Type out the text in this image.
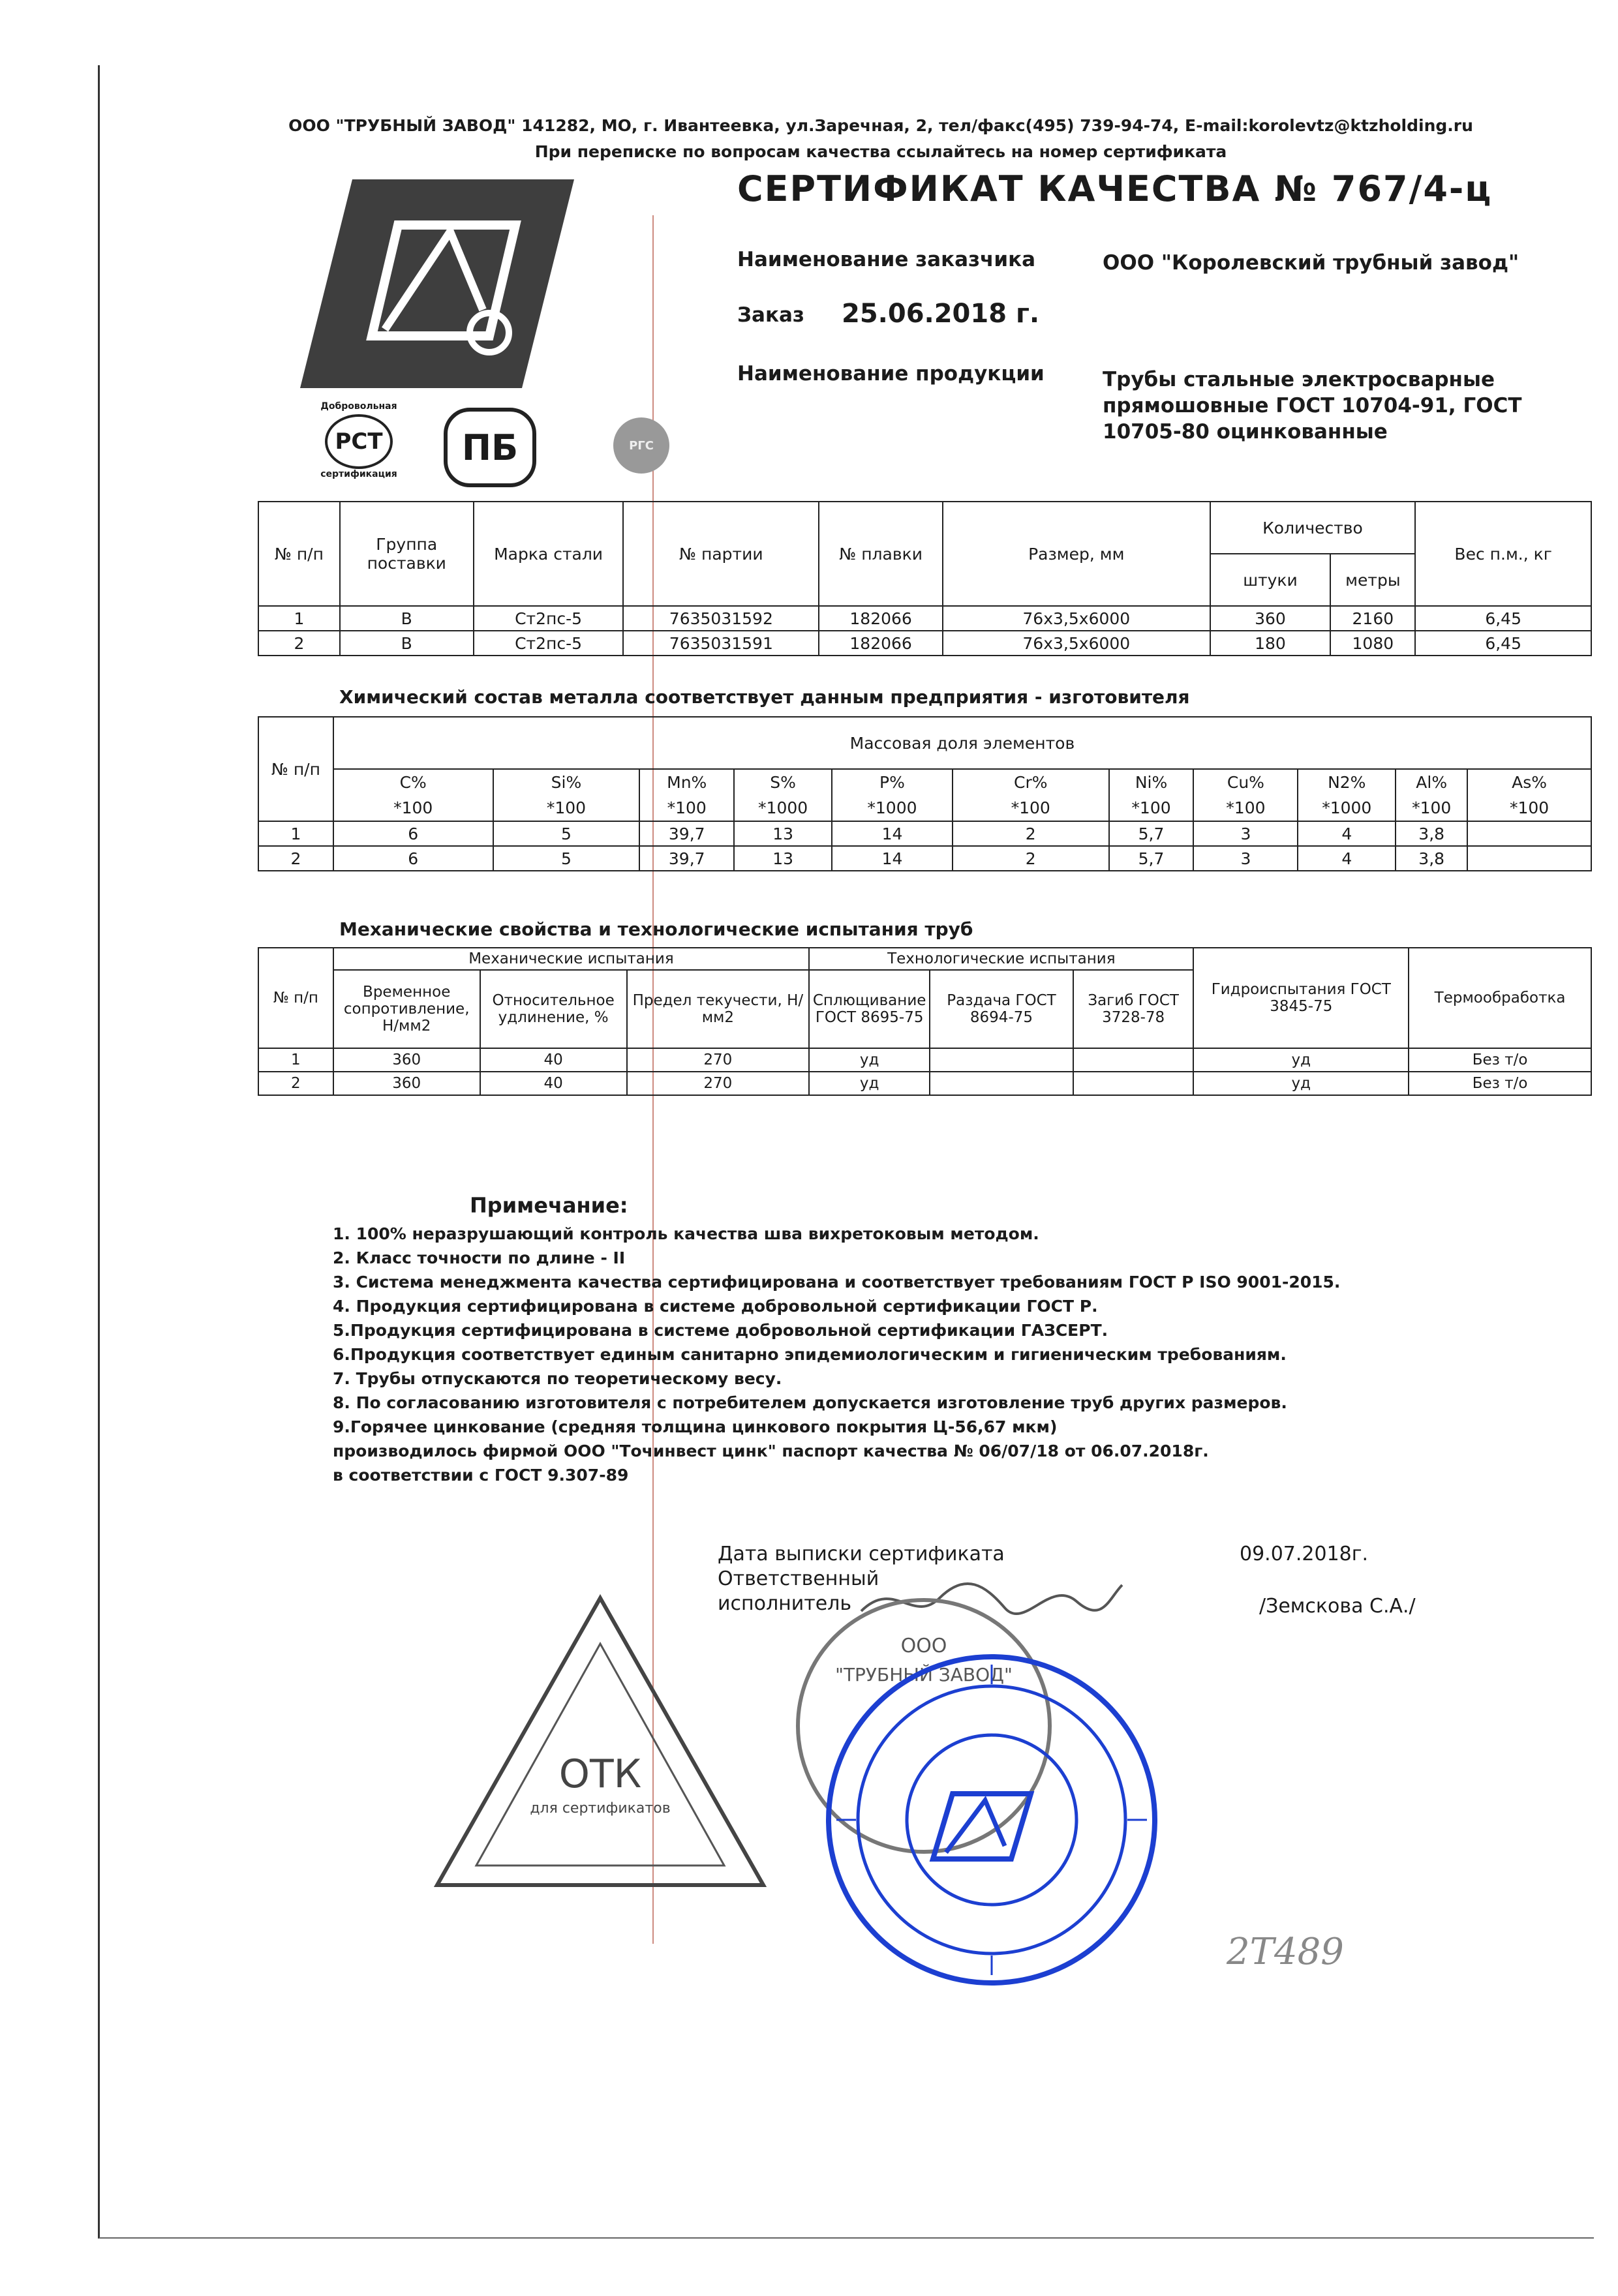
ООО "ТРУБНЫЙ ЗАВОД" 141282, МО, г. Ивантеевка, ул.Заречная, 2, тел/факс(495) 739-94-74, E-mail:korolevtz@ktzholding.ru
При переписке по вопросам качества ссылайтесь на номер сертификата
Добровольная
РСТ
сертификация
ПБ	РГС
СЕРТИФИКАТ КАЧЕСТВА № 767/4-ц
Наименование заказчика	ООО "Королевский трубный завод"
Заказ 25.06.2018 г.
Наименование продукции	Трубы стальные электросварные прямошовные ГОСТ 10704-91, ГОСТ 10705-80 оцинкованные
№ п/п	Группа поставки	Марка стали	№ партии	№ плавки	Размер, мм	Количество		Вес п.м., кг
						штуки	метры	
1	В	Ст2пс-5	7635031592	182066	76х3,5х6000	360	2160	6,45
2	В	Ст2пс-5	7635031591	182066	76х3,5х6000	180	1080	6,45
Химический состав металла соответствует данным предприятия - изготовителя
№ п/п	Массовая доля элементов										
	C%	Si%	Mn%	S%	P%	Cr%	Ni%	Cu%	N2%	Al%	As%
	*100	*100	*100	*1000	*1000	*100	*100	*100	*1000	*100	*100
1	6	5	39,7	13	14	2	5,7	3	4	3,8	
2	6	5	39,7	13	14	2	5,7	3	4	3,8	
Механические свойства и технологические испытания труб
№ п/п	Механические испытания			Технологические испытания			Гидроиспытания ГОСТ 3845-75	Термообработка
	Временное сопротивление, Н/мм2	Относительное удлинение, %	Предел текучести, Н/мм2	Сплющивание ГОСТ 8695-75	Раздача ГОСТ 8694-75	Загиб ГОСТ 3728-78		
1	360	40	270	уд			уд	Без т/о
2	360	40	270	уд			уд	Без т/о
Примечание:
1. 100% неразрушающий контроль качества шва вихретоковым методом.
2. Класс точности по длине - II
3. Система менеджмента качества сертифицирована и соответствует требованиям ГОСТ Р ISO 9001-2015.
4. Продукция сертифицирована в системе добровольной сертификации ГОСТ Р.
5.Продукция сертифицирована в системе добровольной сертификации ГАЗСЕРТ.
6.Продукция соответствует единым санитарно эпидемиологическим и гигиеническим требованиям.
7. Трубы отпускаются по теоретическому весу.
8. По согласованию изготовителя с потребителем допускается изготовление труб других размеров.
9.Горячее цинкование (средняя толщина цинкового покрытия Ц-56,67 мкм)
производилось фирмой ООО "Точинвест цинк" паспорт качества № 06/07/18 от 06.07.2018г.
в соответствии с ГОСТ 9.307-89
Дата выписки сертификата	09.07.2018г.
Ответственный
исполнитель	/Земскова С.А./
ОТК
для сертификатов
ООО
"ТРУБНЫЙ ЗАВОД"
2Т489
